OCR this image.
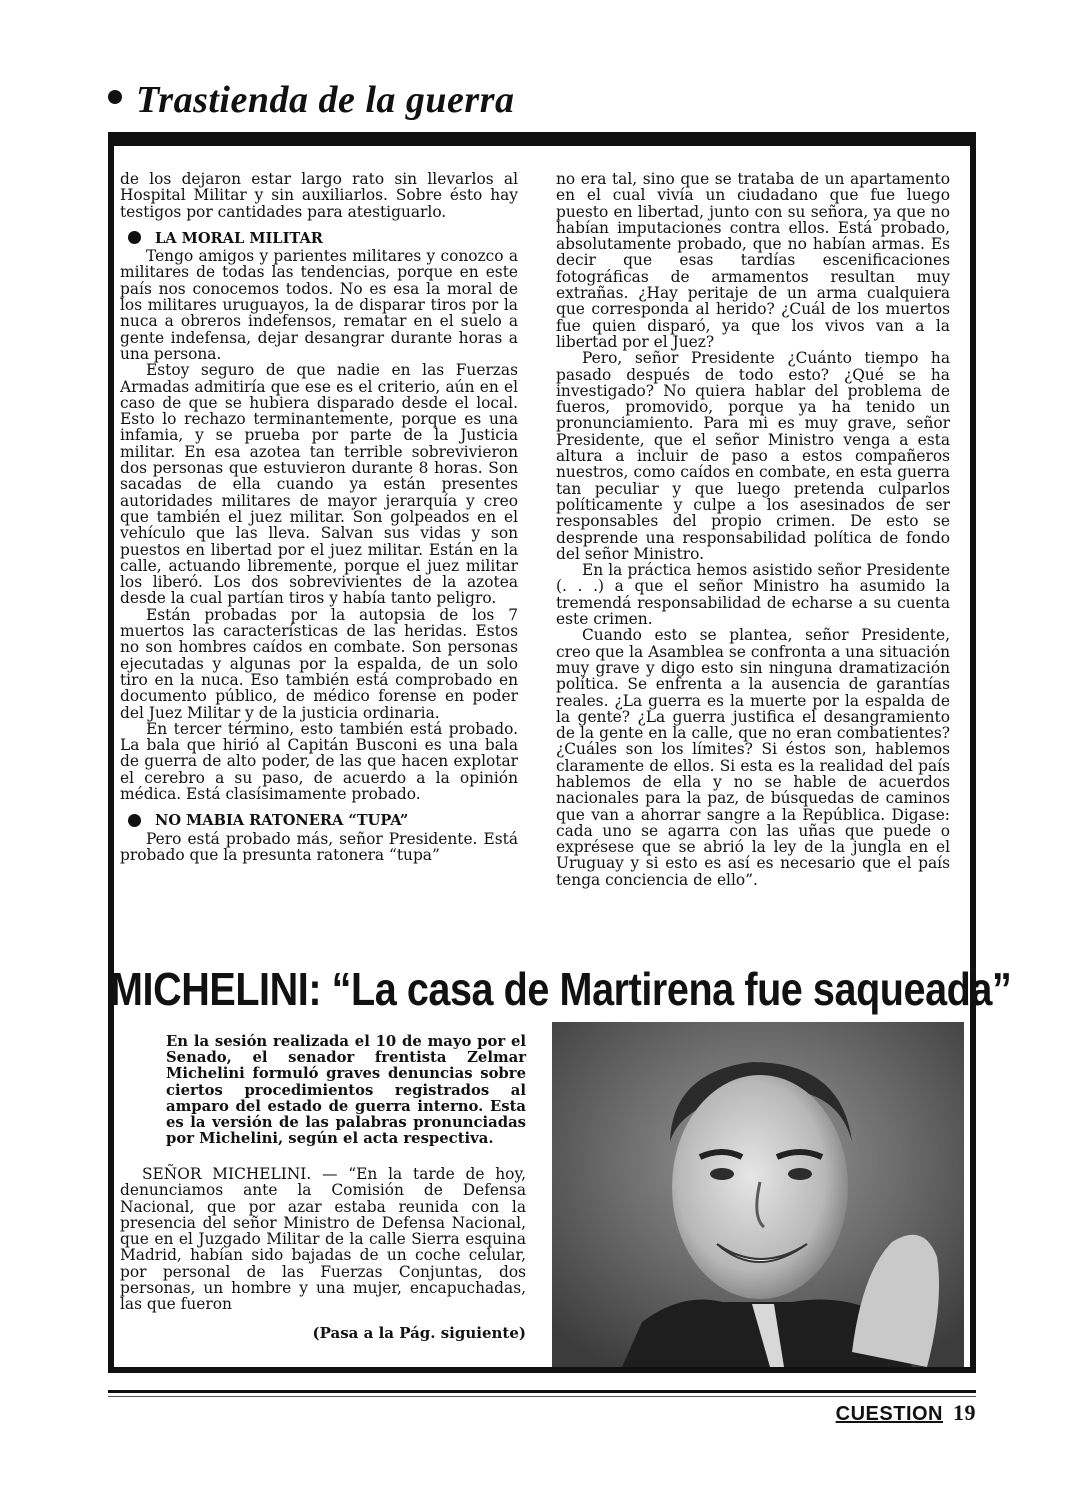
Trastienda de la guerra

de los dejaron estar largo rato sin llevarlos al Hospital Militar y sin auxiliarlos. Sobre ésto hay testigos por cantidades para atestiguarlo.

LA MORAL MILITAR

Tengo amigos y parientes militares y conozco a militares de todas las tendencias, porque en este país nos conocemos todos. No es esa la moral de los militares uruguayos, la de disparar tiros por la nuca a obreros indefensos, rematar en el suelo a gente indefensa, dejar desangrar durante horas a una persona.

Estoy seguro de que nadie en las Fuerzas Armadas admitiría que ese es el criterio, aún en el caso de que se hubiera disparado desde el local. Esto lo rechazo terminantemente, porque es una infamia, y se prueba por parte de la Justicia militar. En esa azotea tan terrible sobrevivieron dos personas que estuvieron durante 8 horas. Son sacadas de ella cuando ya están presentes autoridades militares de mayor jerarquía y creo que también el juez militar. Son golpeados en el vehículo que las lleva. Salvan sus vidas y son puestos en libertad por el juez militar. Están en la calle, actuando libremente, porque el juez militar los liberó. Los dos sobrevivientes de la azotea desde la cual partían tiros y había tanto peligro.

Están probadas por la autopsia de los 7 muertos las características de las heridas. Estos no son hombres caídos en combate. Son personas ejecutadas y algunas por la espalda, de un solo tiro en la nuca. Eso también está comprobado en documento público, de médico forense en poder del Juez Militar y de la justicia ordinaria.

En tercer término, esto también está probado. La bala que hirió al Capitán Busconi es una bala de guerra de alto poder, de las que hacen explotar el cerebro a su paso, de acuerdo a la opinión médica. Está clasísimamente probado.

NO MABIA RATONERA “TUPA”

Pero está probado más, señor Presidente. Está probado que la presunta ratonera “tupa”

no era tal, sino que se trataba de un apartamento en el cual vivía un ciudadano que fue luego puesto en libertad, junto con su señora, ya que no habían imputaciones contra ellos. Está probado, absolutamente probado, que no habían armas. Es decir que esas tardías escenificaciones fotográficas de armamentos resultan muy extrañas. ¿Hay peritaje de un arma cualquiera que corresponda al herido? ¿Cuál de los muertos fue quien disparó, ya que los vivos van a la libertad por el Juez?

Pero, señor Presidente ¿Cuánto tiempo ha pasado después de todo esto? ¿Qué se ha investigado? No quiera hablar del problema de fueros, promovido, porque ya ha tenido un pronunciamiento. Para mi es muy grave, señor Presidente, que el señor Ministro venga a esta altura a incluir de paso a estos compañeros nuestros, como caídos en combate, en esta guerra tan peculiar y que luego pretenda culparlos políticamente y culpe a los asesinados de ser responsables del propio crimen. De esto se desprende una responsabilidad política de fondo del señor Ministro.

En la práctica hemos asistido señor Presidente (. . .) a que el señor Ministro ha asumido la tremendá responsabilidad de echarse a su cuenta este crimen.

Cuando esto se plantea, señor Presidente, creo que la Asamblea se confronta a una situación muy grave y digo esto sin ninguna dramatización política. Se enfrenta a la ausencia de garantías reales. ¿La guerra es la muerte por la espalda de la gente? ¿La guerra justifica el desangramiento de la gente en la calle, que no eran combatientes? ¿Cuáles son los límites? Si éstos son, hablemos claramente de ellos. Si esta es la realidad del país hablemos de ella y no se hable de acuerdos nacionales para la paz, de búsquedas de caminos que van a ahorrar sangre a la República. Digase: cada uno se agarra con las uñas que puede o exprésese que se abrió la ley de la jungla en el Uruguay y si esto es así es necesario que el país tenga conciencia de ello”.

MICHELINI: “La casa de Martirena fue saqueada”
En la sesión realizada el 10 de mayo por el Senado, el senador frentista Zelmar Michelini formuló graves denuncias sobre ciertos procedimientos registrados al amparo del estado de guerra interno. Esta es la versión de las palabras pronunciadas por Michelini, según el acta respectiva.

SEÑOR MICHELINI. — “En la tarde de hoy, denunciamos ante la Comisión de Defensa Nacional, que por azar estaba reunida con la presencia del señor Ministro de Defensa Nacional, que en el Juzgado Militar de la calle Sierra esquina Madrid, habían sido bajadas de un coche celular, por personal de las Fuerzas Conjuntas, dos personas, un hombre y una mujer, encapuchadas, las que fueron

(Pasa a la Pág. siguiente)
CUESTION 19
